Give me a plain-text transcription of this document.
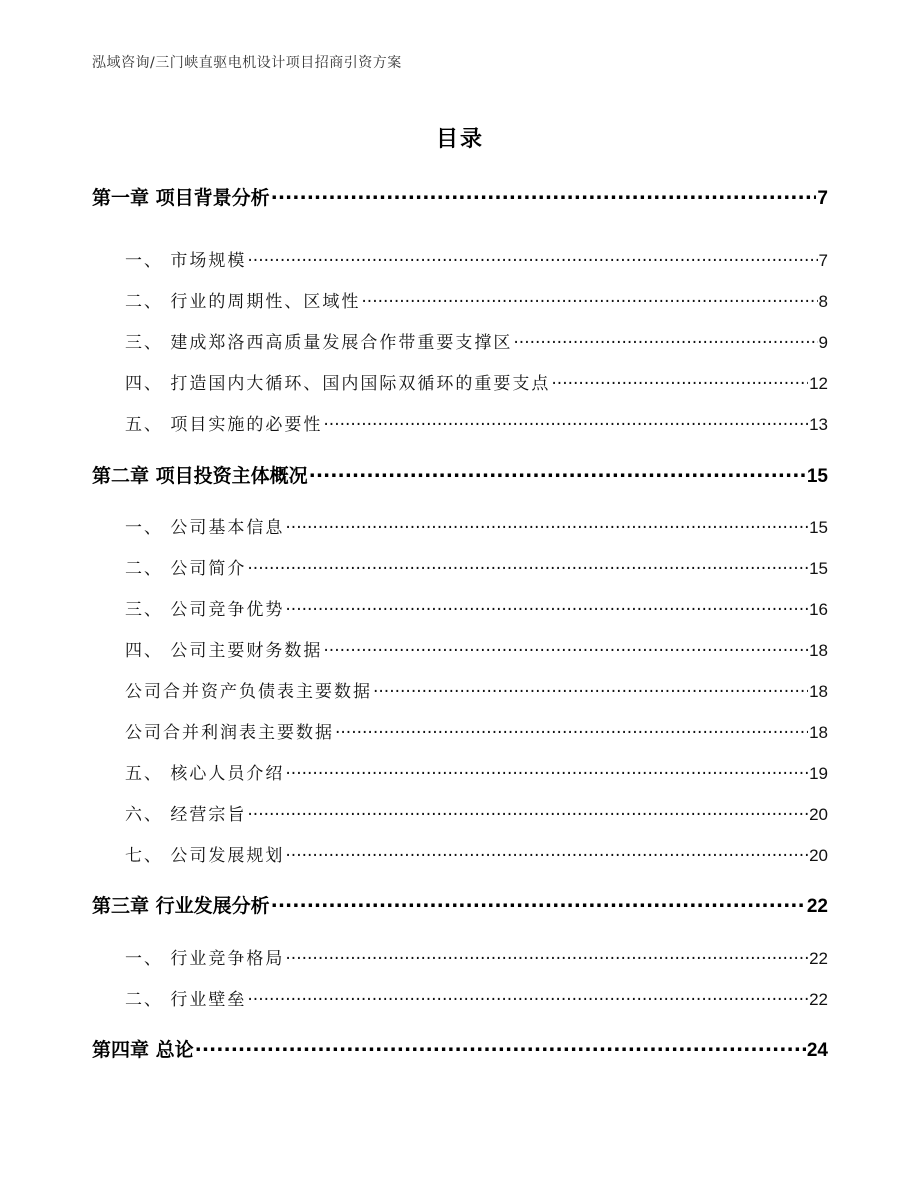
泓域咨询/三门峡直驱电机设计项目招商引资方案
目录
第一章 项目背景分析 .....	7
一、 市场规模 .....	7
二、 行业的周期性、区域性 .....	8
三、 建成郑洛西高质量发展合作带重要支撑区 .....	9
四、 打造国内大循环、国内国际双循环的重要支点 .....	12
五、 项目实施的必要性 .....	13
第二章 项目投资主体概况 .....	15
一、 公司基本信息 .....	15
二、 公司简介 .....	15
三、 公司竞争优势 .....	16
四、 公司主要财务数据 .....	18
公司合并资产负债表主要数据 .....	18
公司合并利润表主要数据 .....	18
五、 核心人员介绍 .....	19
六、 经营宗旨 .....	20
七、 公司发展规划 .....	20
第三章 行业发展分析 .....	22
一、 行业竞争格局 .....	22
二、 行业壁垒 .....	22
第四章 总论 .....	24
